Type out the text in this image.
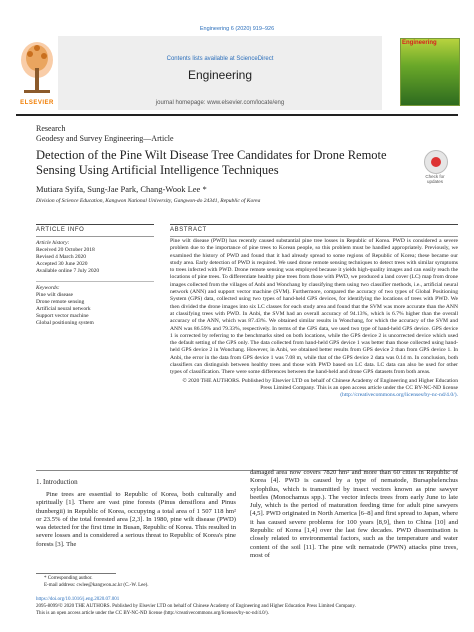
Engineering 6 (2020) 919–926
ELSEVIER
Contents lists available at ScienceDirect
Engineering
journal homepage: www.elsevier.com/locate/eng
Engineering
Research
Geodesy and Survey Engineering—Article
Detection of the Pine Wilt Disease Tree Candidates for Drone Remote Sensing Using Artificial Intelligence Techniques	Check for updates
Mutiara Syifa, Sung-Jae Park, Chang-Wook Lee *
Division of Science Education, Kangwon National University, Gangwon-do 24341, Republic of Korea
ARTICLE INFO	ABSTRACT
Article history:
Received 20 October 2018
Revised 4 March 2020
Accepted 30 June 2020
Available online 7 July 2020
Keywords:
Pine wilt disease
Drone remote sensing
Artificial neural network
Support vector machine
Global positioning system
Pine wilt disease (PWD) has recently caused substantial pine tree losses in Republic of Korea. PWD is considered a severe problem due to the importance of pine trees to Korean people, so this problem must be handled appropriately. Previously, we examined the history of PWD and found that it had already spread to some regions of Republic of Korea; these became our study area. Early detection of PWD is required. We used drone remote sensing techniques to detect trees with similar symptoms to trees infected with PWD. Drone remote sensing was employed because it yields high-quality images and can easily reach the locations of pine trees. To differentiate healthy pine trees from those with PWD, we produced a land cover (LC) map from drone images collected from the villages of Anbi and Wonchang by classifying them using two classifier methods, i.e., artificial neural network (ANN) and support vector machine (SVM). Furthermore, compared the accuracy of two types of Global Positioning System (GPS) data, collected using two types of hand-held GPS devices, for identifying the locations of trees with PWD. We then divided the drone images into six LC classes for each study area and found that the SVM was more accurate than the ANN at classifying trees with PWD. In Anbi, the SVM had an overall accuracy of 94.13%, which is 6.7% higher than the overall accuracy of the ANN, which was 87.43%. We obtained similar results in Wonchang, for which the accuracy of the SVM and ANN was 86.59% and 79.33%, respectively. In terms of the GPS data, we used two type of hand-held GPS device. GPS device 1 is corrected by referring to the benchmarks sited on both locations, while the GPS device 2 is uncorrected device which used the default setting of the GPS only. The data collected from hand-held GPS device 1 was better than those collected using hand-held GPS device 2 in Wonchang. However, in Anbi, we obtained better results from GPS device 2 than from GPS device 1. In Anbi, the error in the data from GPS device 1 was 7.08 m, while that of the GPS device 2 data was 0.14 m. In conclusion, both classifiers can distinguish between healthy trees and those with PWD based on LC data. LC data can also be used for other types of classification. There were some differences between the hand-held and drone GPS datasets from both areas.
© 2020 THE AUTHORS. Published by Elsevier LTD on behalf of Chinese Academy of Engineering and Higher Education Press Limited Company. This is an open access article under the CC BY-NC-ND license (http://creativecommons.org/licenses/by-nc-nd/4.0/).
1. Introduction
Pine trees are essential to Republic of Korea, both culturally and spiritually [1]. There are vast pine forests (Pinus densiflora and Pinus thunbergii) in Republic of Korea, occupying a total area of 1 507 118 hm² or 23.5% of the total forested area [2,3]. In 1980, pine wilt disease (PWD) was detected for the first time in Busan, Republic of Korea. This resulted in severe losses and is considered a serious threat to Republic of Korea's pine forests [3]. The
damaged area now covers 7820 hm² and more than 60 cities in Republic of Korea [4]. PWD is caused by a type of nematode, Bursaphelenchus xylophilus, which is transmitted by insect vectors known as pine sawyer beetles (Monochamus spp.). The vector infects trees from early June to late July, which is the period of maturation feeding time for adult pine sawyers [4,5]. PWD originated in North America [6–8] and first spread to Japan, where it has caused severe problems for 100 years [8,9], then to China [10] and Republic of Korea [1,4] over the last few decades. PWD dissemination is closely related to environmental factors, such as the temperature and water content of the soil [11]. The pine wilt nematode (PWN) attacks pine trees, most of
* Corresponding author.
E-mail address: cwlee@kangwon.ac.kr (C.-W. Lee).
https://doi.org/10.1016/j.eng.2020.07.001
2095-8099/© 2020 THE AUTHORS. Published by Elsevier LTD on behalf of Chinese Academy of Engineering and Higher Education Press Limited Company.
This is an open access article under the CC BY-NC-ND license (http://creativecommons.org/licenses/by-nc-nd/4.0/).
